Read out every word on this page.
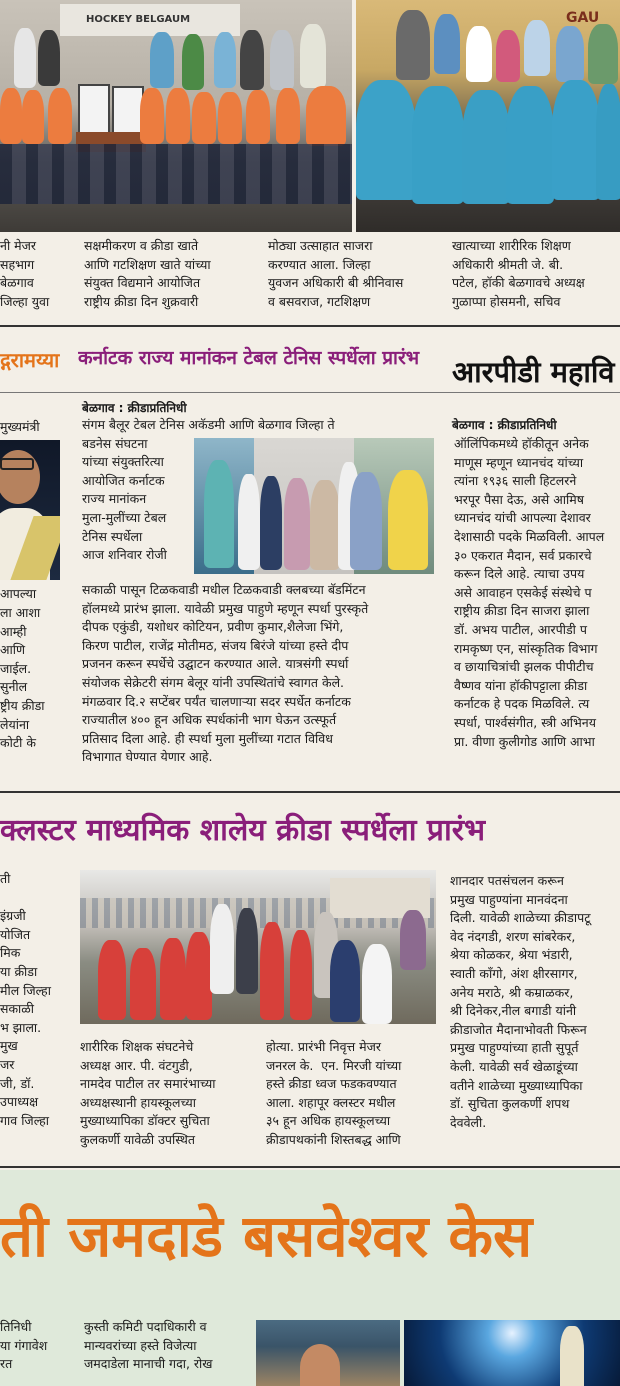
HOCKEY BELGAUM	GAU
नी मेजर
सहभाग
बेळगाव
जिल्हा युवा
सक्षमीकरण व क्रीडा खाते
आणि गटशिक्षण खाते यांच्या
संयुक्त विद्यमाने आयोजित
राष्ट्रीय क्रीडा दिन शुक्रवारी
मोठ्या उत्साहात साजरा
करण्यात आला. जिल्हा
युवजन अधिकारी बी श्रीनिवास
व बसवराज, गटशिक्षण
खात्याच्या शारीरिक शिक्षण
अधिकारी श्रीमती जे. बी.
पटेल, हॉकी बेळगावचे अध्यक्ष
गुळाप्पा होसमनी, सचिव
द्गरामय्या कर्नाटक राज्य मानांकन टेबल टेनिस स्पर्धेला प्रारंभ	आरपीडी महावि
मुख्यमंत्री

आपल्या
ला आशा
आम्ही
आणि
जाईल.
सुनील
ष्ट्रीय क्रीडा
लेयांना
कोटी के
बेळगाव : क्रीडाप्रतिनिधी
संगम बैलूर टेबल टेनिस अकॅडमी आणि बेळगाव जिल्हा ते
बडनेस संघटना
यांच्या संयुक्तरित्या
आयोजित कर्नाटक
राज्य मानांकन
मुला-मुलींच्या टेबल
टेनिस स्पर्धेला
आज शनिवार रोजी
सकाळी पासून टिळकवाडी मधील टिळकवाडी क्लबच्या बॅडमिंटन
हॉलमध्ये प्रारंभ झाला. यावेळी प्रमुख पाहुणे म्हणून स्पर्धा पुरस्कृते
दीपक एकुंडी, यशोधर कोटियन, प्रवीण कुमार,शैलेजा भिंगे,
किरण पाटील, राजेंद्र मोतीमठ, संजय बिरंजे यांच्या हस्ते दीप
प्रजनन करून स्पर्धेचे उद्घाटन करण्यात आले. यात्रसंगी स्पर्धा
संयोजक सेक्रेटरी संगम बेलूर यांनी उपस्थितांचे स्वागत केले.
मंगळवार दि.२ सप्टेंबर पर्यंत चालणाऱ्या सदर स्पर्धेत कर्नाटक
राज्यातील ४०० हून अधिक स्पर्धकांनी भाग घेऊन उत्स्फूर्त
प्रतिसाद दिला आहे. ही स्पर्धा मुला मुलींच्या गटात विविध
विभागात घेण्यात येणार आहे.
बेळगाव : क्रीडाप्रतिनिधी
ऑलिंपिकमध्ये हॉकीतून अनेक
माणूस म्हणून ध्यानचंद यांच्या
त्यांना १९३६ साली हिटलरने
भरपूर पैसा देऊ, असे आमिष
ध्यानचंद यांची आपल्या देशावर
देशासाठी पदके मिळविली. आपल
३० एकरात मैदान, सर्व प्रकारचे
करून दिले आहे. त्याचा उपय
असे आवाहन एसकेई संस्थेचे प
राष्ट्रीय क्रीडा दिन साजरा झाला
डॉ. अभय पाटील, आरपीडी प
रामकृष्ण एन, सांस्कृतिक विभाग
व छायाचित्रांची झलक पीपीटीच
वैष्णव यांना हॉकीपट्टाला क्रीडा
कर्नाटक हे पदक मिळविले. त्य
स्पर्धा, पार्श्वसंगीत, स्त्री अभिनय
प्रा. वीणा कुलीगोड आणि आभा
क्लस्टर माध्यमिक शालेय क्रीडा स्पर्धेला प्रारंभ
ती

इंग्रजी
योजित
मिक
या क्रीडा
मील जिल्हा
सकाळी
भ झाला.
मुख
जर
जी, डॉ.
उपाध्यक्ष
गाव जिल्हा
शारीरिक शिक्षक संघटनेचे
अध्यक्ष आर. पी. वंटगुडी,
नामदेव पाटील तर समारंभाच्या
अध्यक्षस्थानी हायस्कूलच्या
मुख्याध्यापिका डॉक्टर सुचिता
कुलकर्णी यावेळी उपस्थित
होत्या. प्रारंभी निवृत्त मेजर
जनरल के.  एन. मिरजी यांच्या
हस्ते क्रीडा ध्वज फडकवण्यात
आला. शहापूर क्लस्टर मधील
३५ हून अधिक हायस्कूलच्या
क्रीडापथकांनी शिस्तबद्ध आणि
शानदार पतसंचलन करून
प्रमुख पाहुण्यांना मानवंदना
दिली. यावेळी शाळेच्या क्रीडापटू
वेद नंदगडी, शरण सांबरेकर,
श्रेया कोळकर, श्रेया भंडारी,
स्वाती कॉंगो, अंश क्षीरसागर,
अनेय मराठे, श्री कम्राळकर,
श्री दिनेकर,नील बगाडी यांनी
क्रीडाजोत मैदानाभोवती फिरून
प्रमुख पाहुण्यांच्या हाती सुपूर्त
केली. यावेळी सर्व खेळाडूंच्या
वतीने शाळेच्या मुख्याध्यापिका
डॉ. सुचिता कुलकर्णी शपथ
देववेली.
ती जमदाडे बसवेश्वर केस
तिनिधी
या गंगावेश
रत
कुस्ती कमिटी पदाधिकारी व
मान्यवरांच्या हस्ते विजेत्या
जमदाडेला मानाची गदा, रोख
